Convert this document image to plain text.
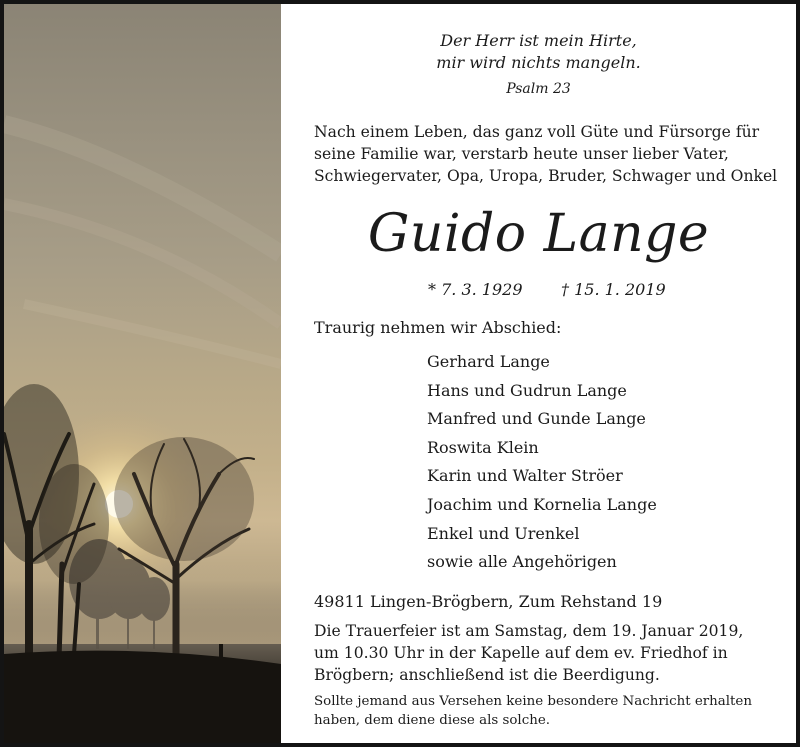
Der Herr ist mein Hirte,

mir wird nichts mangeln.

Psalm 23

Nach einem Leben, das ganz voll Güte und Fürsorge für

seine Familie war, verstarb heute unser lieber Vater,

Schwiegervater, Opa, Uropa, Bruder, Schwager und Onkel

Guido Lange

* 7. 3. 1929 † 15. 1. 2019

Traurig nehmen wir Abschied:

Gerhard Lange
Hans und Gudrun Lange
Manfred und Gunde Lange
Roswita Klein
Karin und Walter Ströer
Joachim und Kornelia Lange
Enkel und Urenkel
sowie alle Angehörigen

49811 Lingen-Brögbern, Zum Rehstand 19

Die Trauerfeier ist am Samstag, dem 19. Januar 2019,

um 10.30 Uhr in der Kapelle auf dem ev. Friedhof in

Brögbern; anschließend ist die Beerdigung.

Sollte jemand aus Versehen keine besondere Nachricht erhalten

haben, dem diene diese als solche.
